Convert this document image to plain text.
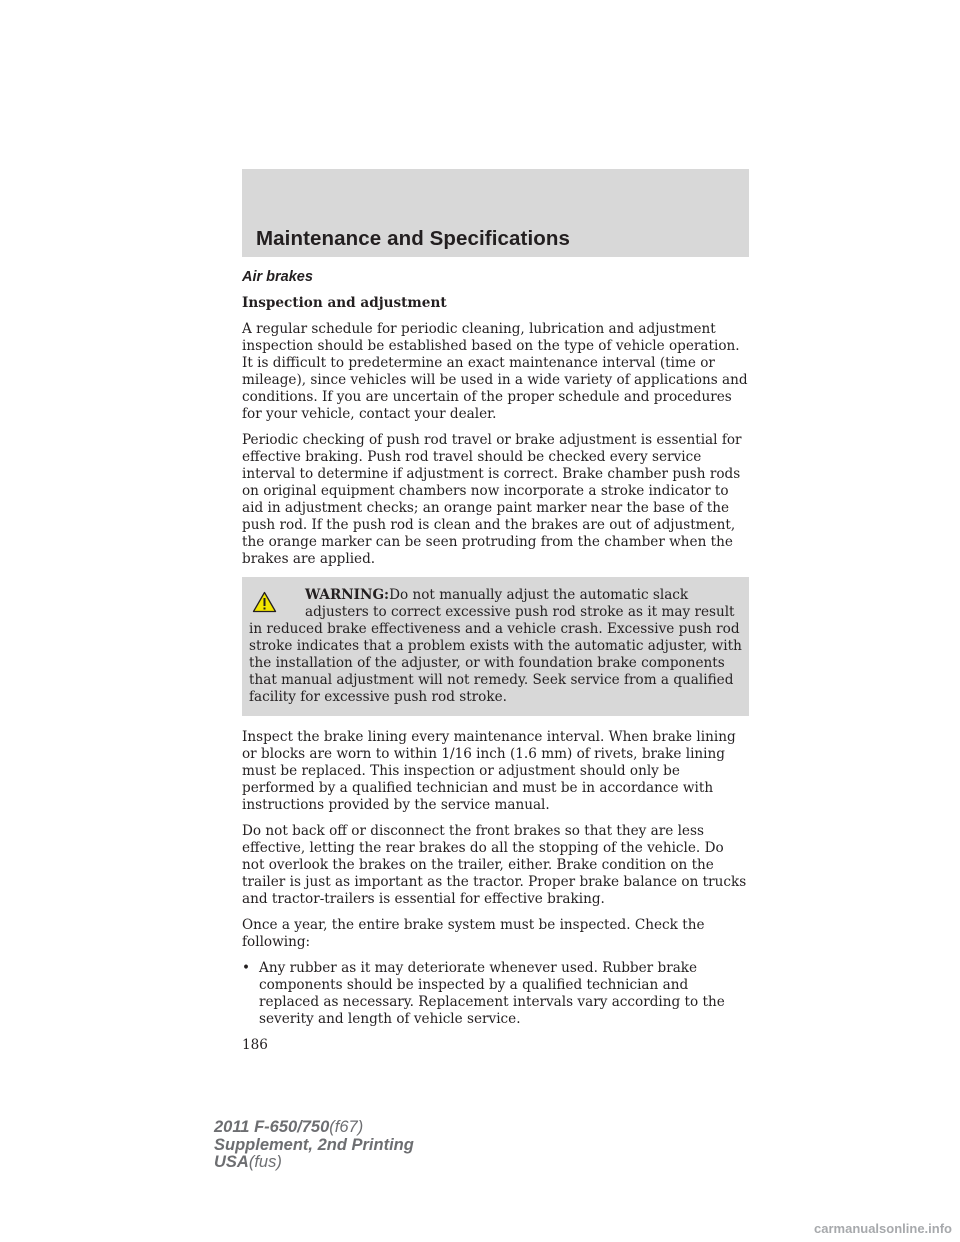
Maintenance and Specifications
Air brakes

Inspection and adjustment

A regular schedule for periodic cleaning, lubrication and adjustment inspection should be established based on the type of vehicle operation. It is difficult to predetermine an exact maintenance interval (time or mileage), since vehicles will be used in a wide variety of applications and conditions. If you are uncertain of the proper schedule and procedures for your vehicle, contact your dealer.

Periodic checking of push rod travel or brake adjustment is essential for effective braking. Push rod travel should be checked every service interval to determine if adjustment is correct. Brake chamber push rods on original equipment chambers now incorporate a stroke indicator to aid in adjustment checks; an orange paint marker near the base of the push rod. If the push rod is clean and the brakes are out of adjustment, the orange marker can be seen protruding from the chamber when the brakes are applied.

WARNING:Do not manually adjust the automatic slack adjusters to correct excessive push rod stroke as it may result in reduced brake effectiveness and a vehicle crash. Excessive push rod stroke indicates that a problem exists with the automatic adjuster, with the installation of the adjuster, or with foundation brake components that manual adjustment will not remedy. Seek service from a qualified facility for excessive push rod stroke.

Inspect the brake lining every maintenance interval. When brake lining or blocks are worn to within 1/16 inch (1.6 mm) of rivets, brake lining must be replaced. This inspection or adjustment should only be performed by a qualified technician and must be in accordance with instructions provided by the service manual.

Do not back off or disconnect the front brakes so that they are less effective, letting the rear brakes do all the stopping of the vehicle. Do not overlook the brakes on the trailer, either. Brake condition on the trailer is just as important as the tractor. Proper brake balance on trucks and tractor-trailers is essential for effective braking.

Once a year, the entire brake system must be inspected. Check the following:

• Any rubber as it may deteriorate whenever used. Rubber brake components should be inspected by a qualified technician and replaced as necessary. Replacement intervals vary according to the severity and length of vehicle service.

186

2011 F-650/750(f67)
Supplement, 2nd Printing
USA(fus)
carmanualsonline.info
